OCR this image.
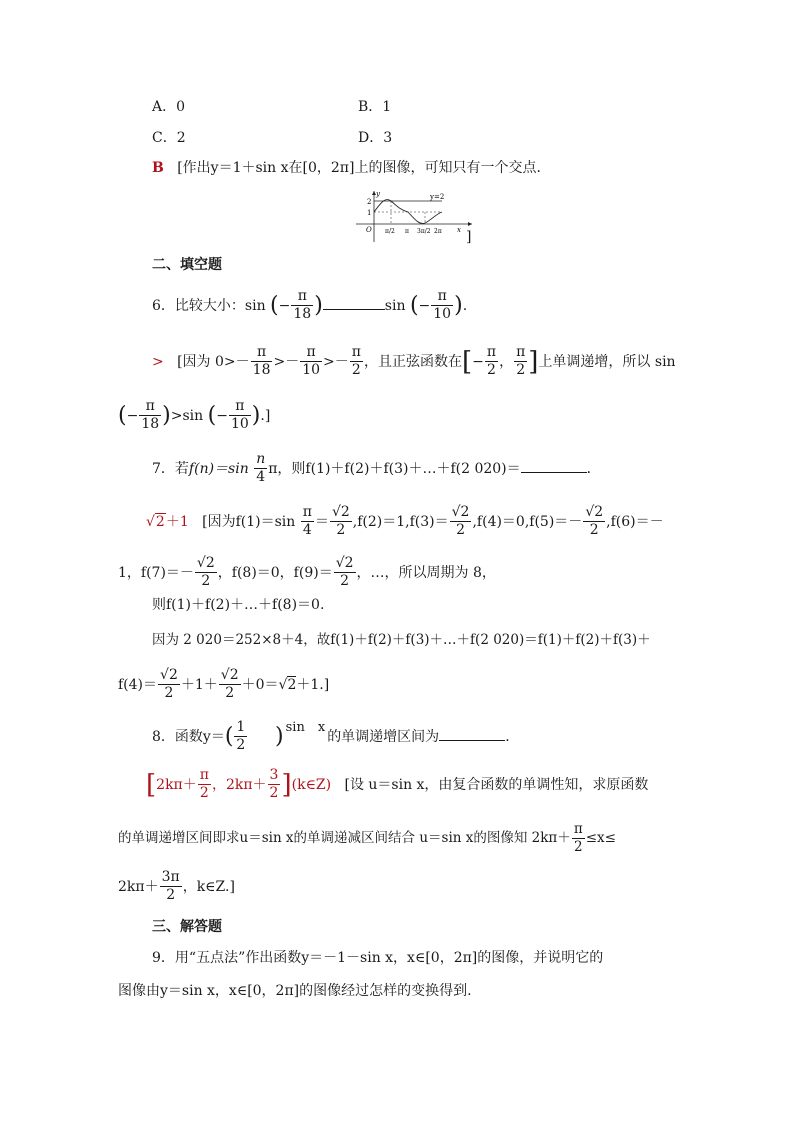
A．0	B．1
C．2	D．3
B [作出y＝1＋sin x在[0，2π]上的图像，可知只有一个交点．
y
x
O
2
1
y=2
π/2 π 3π/2 2π ]
二、填空题
6．比较大小：sin (− $\frac{\pi}{18}$ )	sin (− $\frac{\pi}{10}$ ).
> [因为 $0>- \frac{\pi}{18} >- \frac{\pi}{10} >- \frac{\pi}{2}$ ，且正弦函数在[− $\frac{\pi}{2}$ ， $\frac{\pi}{2}$ ]上单调递增，所以 sin
(− $\frac{\pi}{18} )>\sin$ (− $\frac{\pi}{10}$ ).]
7．若$f(n)=\sin \frac{n}{4}$ π，则f(1)＋f(2)＋f(3)＋…＋f(2 020)＝	．
√2＋1 [因为$f(1)=\sin \frac{\pi}{4} = \frac{√2}{2} ,f(2)=1,f(3)= \frac{√2}{2} ,f(4)=0,f(5)=- \frac{√2}{2} ,f(6)=-$
1，$f(7)=- \frac{√2}{2}$ ，f(8)＝0，$f(9)= \frac{√2}{2}$ ，…，所以周期为 8，
则f(1)＋f(2)＋…＋f(8)＝0.
因为 2 020＝252×8＋4，故f(1)＋f(2)＋f(3)＋…＋f(2 020)＝f(1)＋f(2)＋f(3)＋
$f(4)= \frac{√2}{2} +1+ \frac{√2}{2} +0=√2+1$.]
8．函数$y=( \frac{1}{2}$ ) sin　x的单调递增区间为	．
[$2k\pi+ \frac{\pi}{2}$ ，$2k\pi+ \frac{3}{2}$ ](k∈Z) [设 u＝sin x，由复合函数的单调性知，求原函数
的单调递增区间即求u＝sin x的单调递减区间结合 u＝sin x的图像知 $2k\pi+ \frac{\pi}{2} \le x\le$
$2k\pi+ \frac{3\pi}{2}$ ，k∈Z.]
三、解答题
9．用“五点法”作出函数y＝－1－sin x，x∈[0，2π]的图像，并说明它的
图像由y＝sin x，x∈[0，2π]的图像经过怎样的变换得到.
